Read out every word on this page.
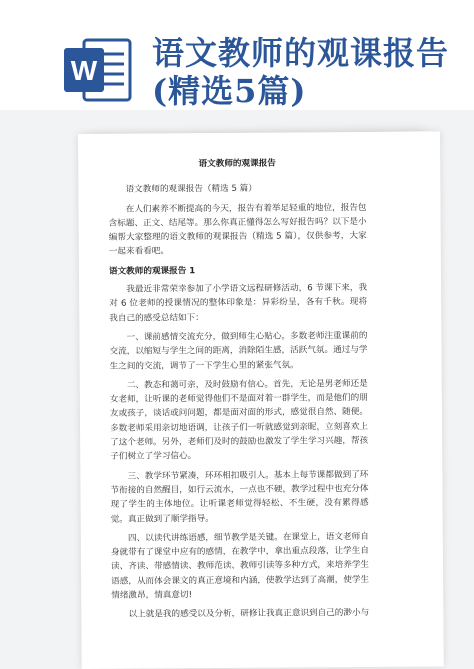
W 语文教师的观课报告(精选5篇)
语文教师的观课报告

语文教师的观课报告（精选 5 篇）

在人们素养不断提高的今天，报告有着举足轻重的地位，报告包含标题、正文、结尾等。那么你真正懂得怎么写好报告吗？以下是小编帮大家整理的语文教师的观课报告（精选 5 篇），仅供参考，大家一起来看看吧。

语文教师的观课报告 1

我最近非常荣幸参加了小学语文远程研修活动，6 节课下来，我对 6 位老师的授课情况的整体印象是：异彩纷呈，各有千秋。现将我自己的感受总结如下：

一、课前感情交流充分，做到师生心贴心。多数老师注重课前的交流，以缩短与学生之间的距离，消除陌生感，活跃气氛。通过与学生之间的交流，调节了一下学生心里的紧张气氛。

二、教态和蔼可亲，及时鼓励有信心。首先，无论是男老师还是女老师，让听课的老师觉得他们不是面对着一群学生，而是他们的朋友或孩子，谈话或问问题，都是面对面的形式，感觉很自然、随便。多数老师采用亲切地语调，让孩子们一听就感觉到亲昵，立刻喜欢上了这个老师。另外，老师们及时的鼓励也激发了学生学习兴趣，帮孩子们树立了学习信心。

三、教学环节紧凑，环环相扣吸引人。基本上每节课都做到了环节衔接的自然醒目，如行云流水，一点也不硬，教学过程中也充分体现了学生的主体地位。让听课老师觉得轻松、不生硬，没有累得感觉。真正做到了顺学指导。

四、以读代讲练语感，细节教学是关键。在课堂上，语文老师自身就带有了课堂中应有的感情，在教学中，拿出重点段落，让学生自读、齐读、带感情读、教师范读、教师引读等多种方式，来培养学生语感，从而体会课文的真正意境和内涵，使教学达到了高潮，使学生情绪激昂，情真意切!

以上就是我的感受以及分析，研修让我真正意识到自己的渺小与
